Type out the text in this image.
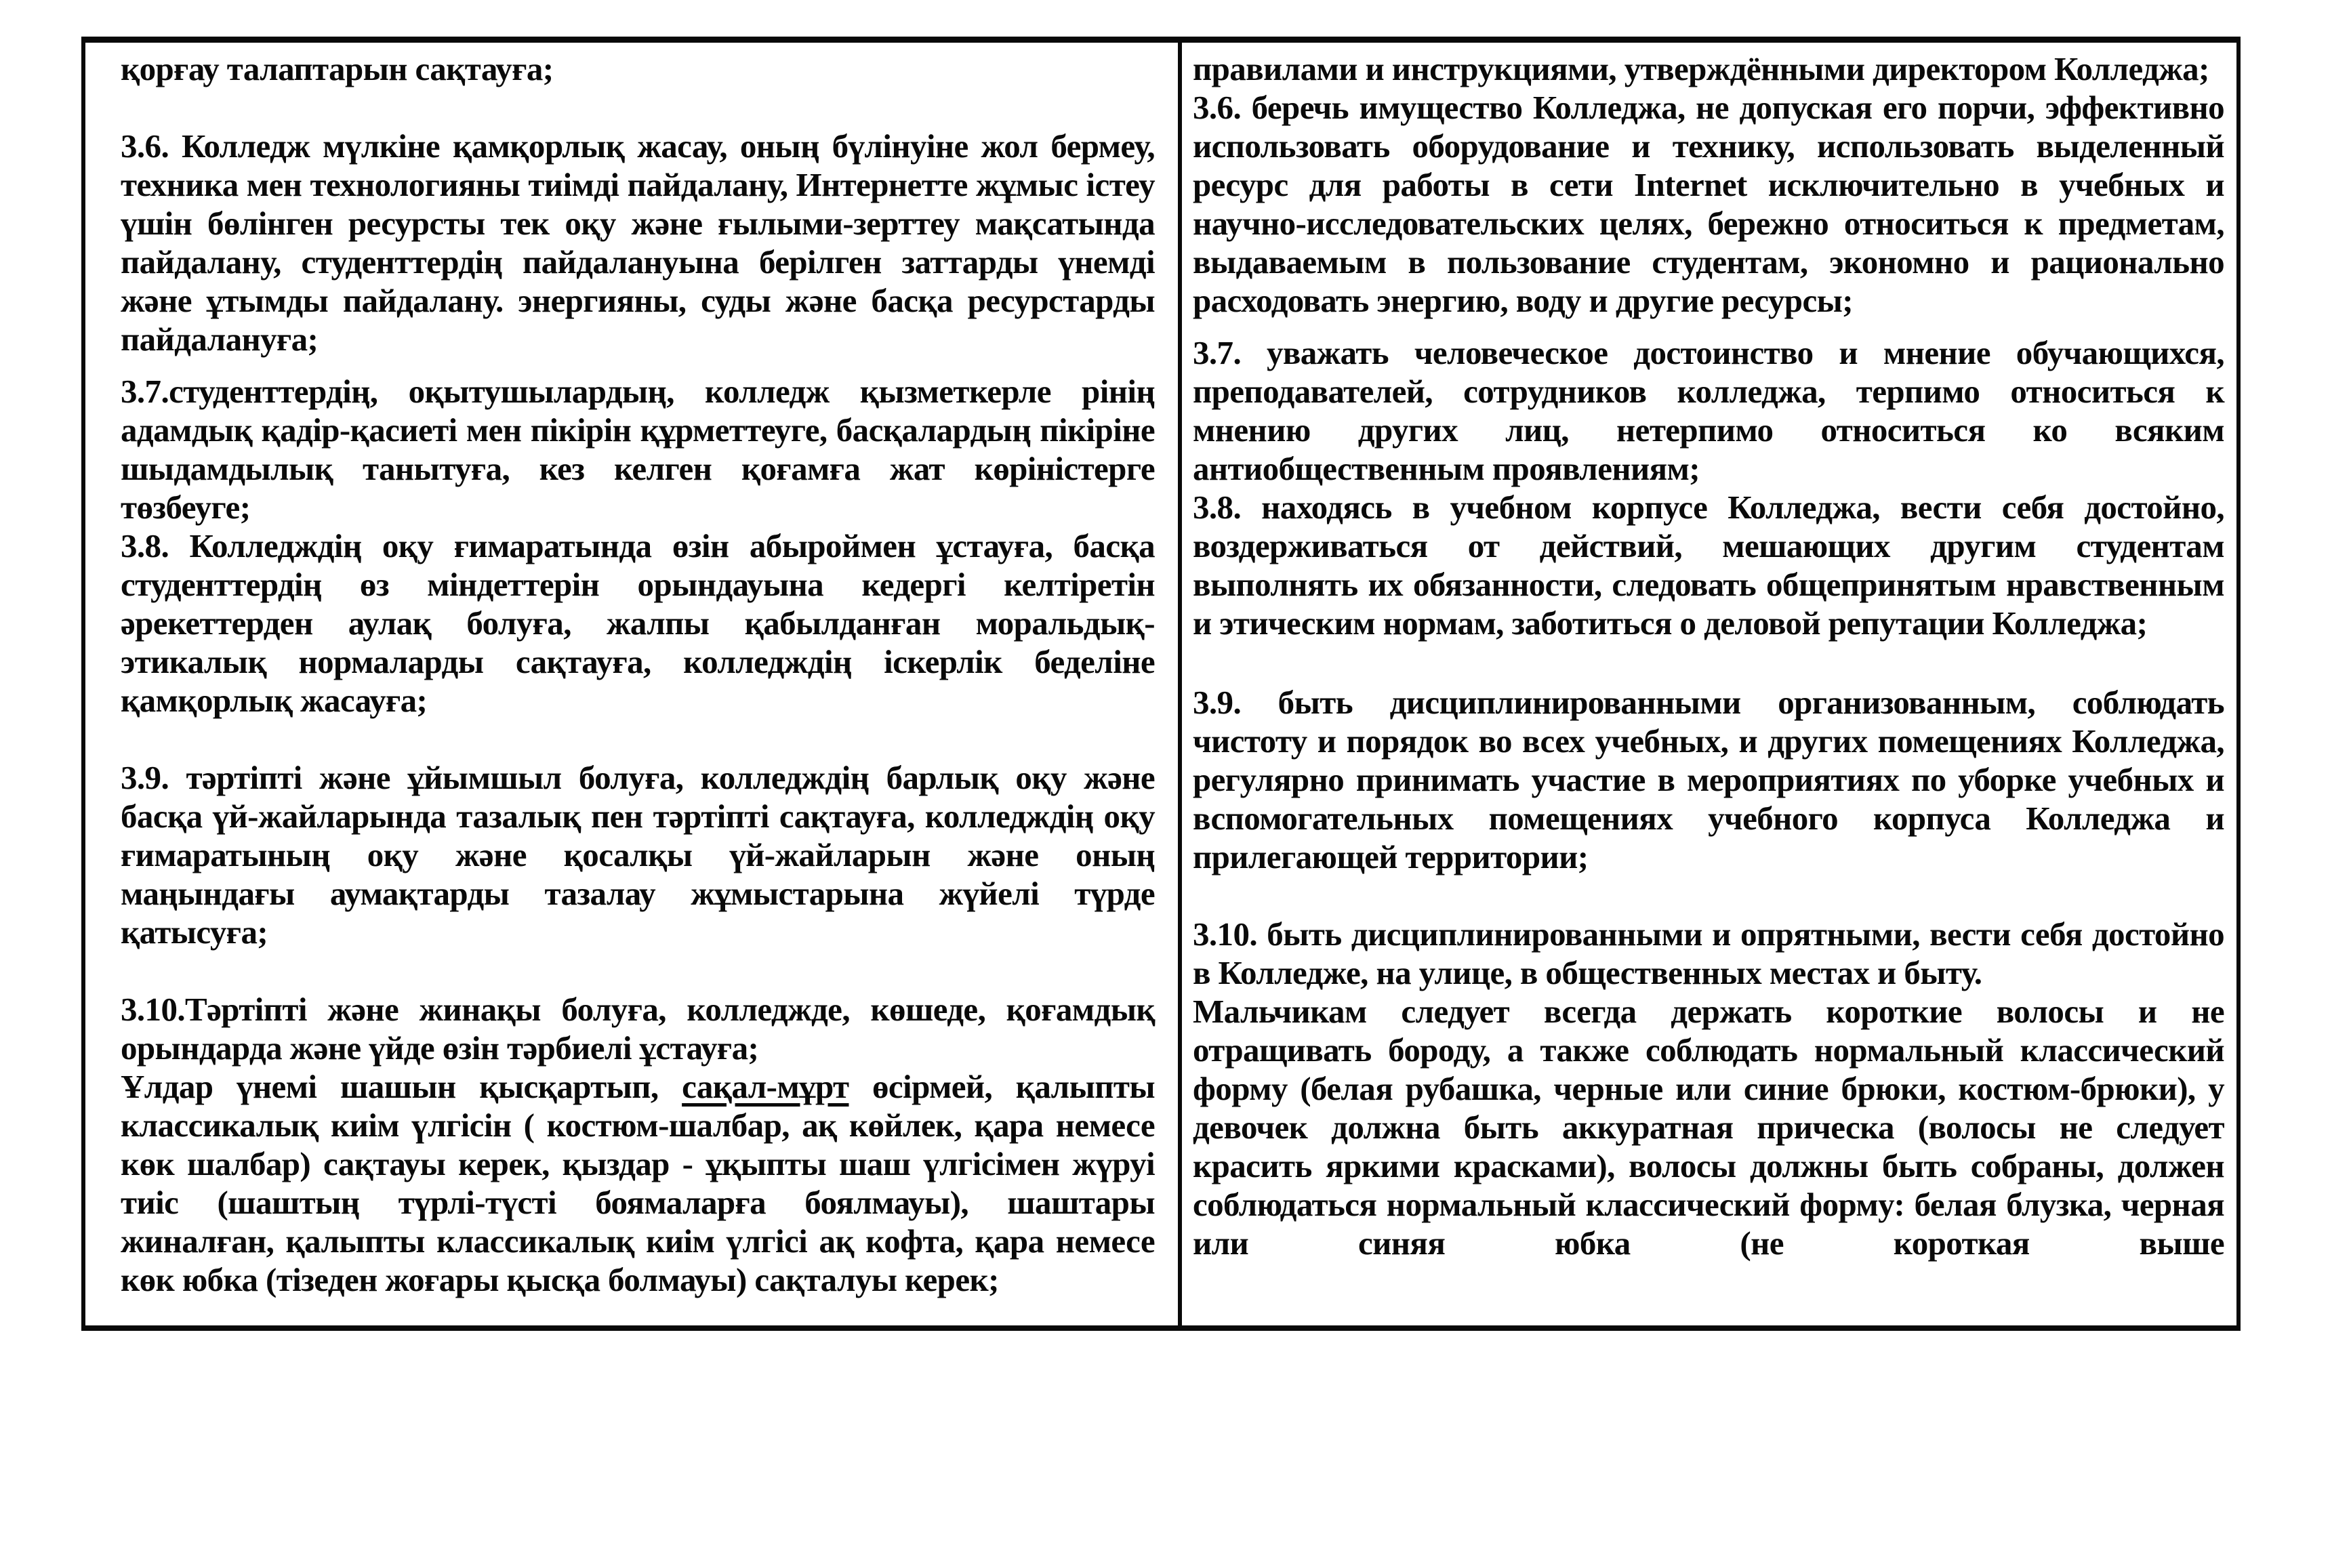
қорғау талаптарын сақтауға;

3.6. Колледж мүлкіне қамқорлық жасау, оның бүлінуіне жол бермеу, техника мен технологияны тиімді пайдалану, Интернетте жұмыс істеу үшін бөлінген ресурсты тек оқу және ғылыми-зерттеу мақсатында пайдалану, студенттердің пайдалануына берілген заттарды үнемді және ұтымды пайдалану. энергияны, суды және басқа ресурстарды пайдалануға;

3.7.студенттердің, оқытушылардың, колледж қызметкерле рінің адамдық қадір-қасиеті мен пікірін құрметтеуге, басқалардың пікіріне шыдамдылық танытуға, кез келген қоғамға жат көріністерге төзбеуге;

3.8. Колледждің оқу ғимаратында өзін абыроймен ұстауға, басқа студенттердің өз міндеттерін орындауына кедергі келтіретін әрекеттерден аулақ болуға, жалпы қабылданған моральдық-этикалық нормаларды сақтауға, колледждің іскерлік беделіне қамқорлық жасауға;

3.9. тәртіпті және ұйымшыл болуға, колледждің барлық оқу және басқа үй-жайларында тазалық пен тәртіпті сақтауға, колледждің оқу ғимаратының оқу және қосалқы үй-жайларын және оның маңындағы аумақтарды тазалау жұмыстарына жүйелі түрде қатысуға;

3.10.Тәртіпті және жинақы болуға, колледжде, көшеде, қоғамдық орындарда және үйде өзін тәрбиелі ұстауға;

Ұлдар үнемі шашын қысқартып, сақал-мұрт өсірмей, қалыпты классикалық киім үлгісін ( костюм-шалбар, ақ көйлек, қара немесе көк шалбар) сақтауы керек, қыздар - ұқыпты шаш үлгісімен жүруі тиіс (шаштың түрлі-түсті боямаларға боялмауы), шаштары жиналған, қалыпты классикалық киім үлгісі ақ кофта, қара немесе көк юбка (тізеден жоғары қысқа болмауы) сақталуы керек;

правилами и инструкциями, утверждёнными директором Колледжа;

3.6. беречь имущество Колледжа, не допуская его порчи, эффективно использовать оборудование и технику, использовать выделенный ресурс для работы в сети Internet исключительно в учебных и научно-исследовательских целях, бережно относиться к предметам, выдаваемым в пользование студентам, экономно и рационально расходовать энергию, воду и другие ресурсы;

3.7. уважать человеческое достоинство и мнение обучающихся, преподавателей, сотрудников колледжа, терпимо относиться к мнению других лиц, нетерпимо относиться ко всяким антиобщественным проявлениям;

3.8. находясь в учебном корпусе Колледжа, вести себя достойно, воздерживаться от действий, мешающих другим студентам выполнять их обязанности, следовать общепринятым нравственным и этическим нормам, заботиться о деловой репутации Колледжа;

3.9. быть дисциплинированными организованным, соблюдать чистоту и порядок во всех учебных, и других помещениях Колледжа, регулярно принимать участие в мероприятиях по уборке учебных и вспомогательных помещениях учебного корпуса Колледжа и прилегающей территории;

3.10. быть дисциплинированными и опрятными, вести себя достойно в Колледже, на улице, в общественных местах и быту.

Мальчикам следует всегда держать короткие волосы и не отращивать бороду, а также соблюдать нормальный классический форму (белая рубашка, черные или синие брюки, костюм-брюки), у девочек должна быть аккуратная прическа (волосы не следует красить яркими красками), волосы должны быть собраны, должен соблюдаться нормальный классический форму: белая блузка, черная или синяя юбка (не короткая выше
